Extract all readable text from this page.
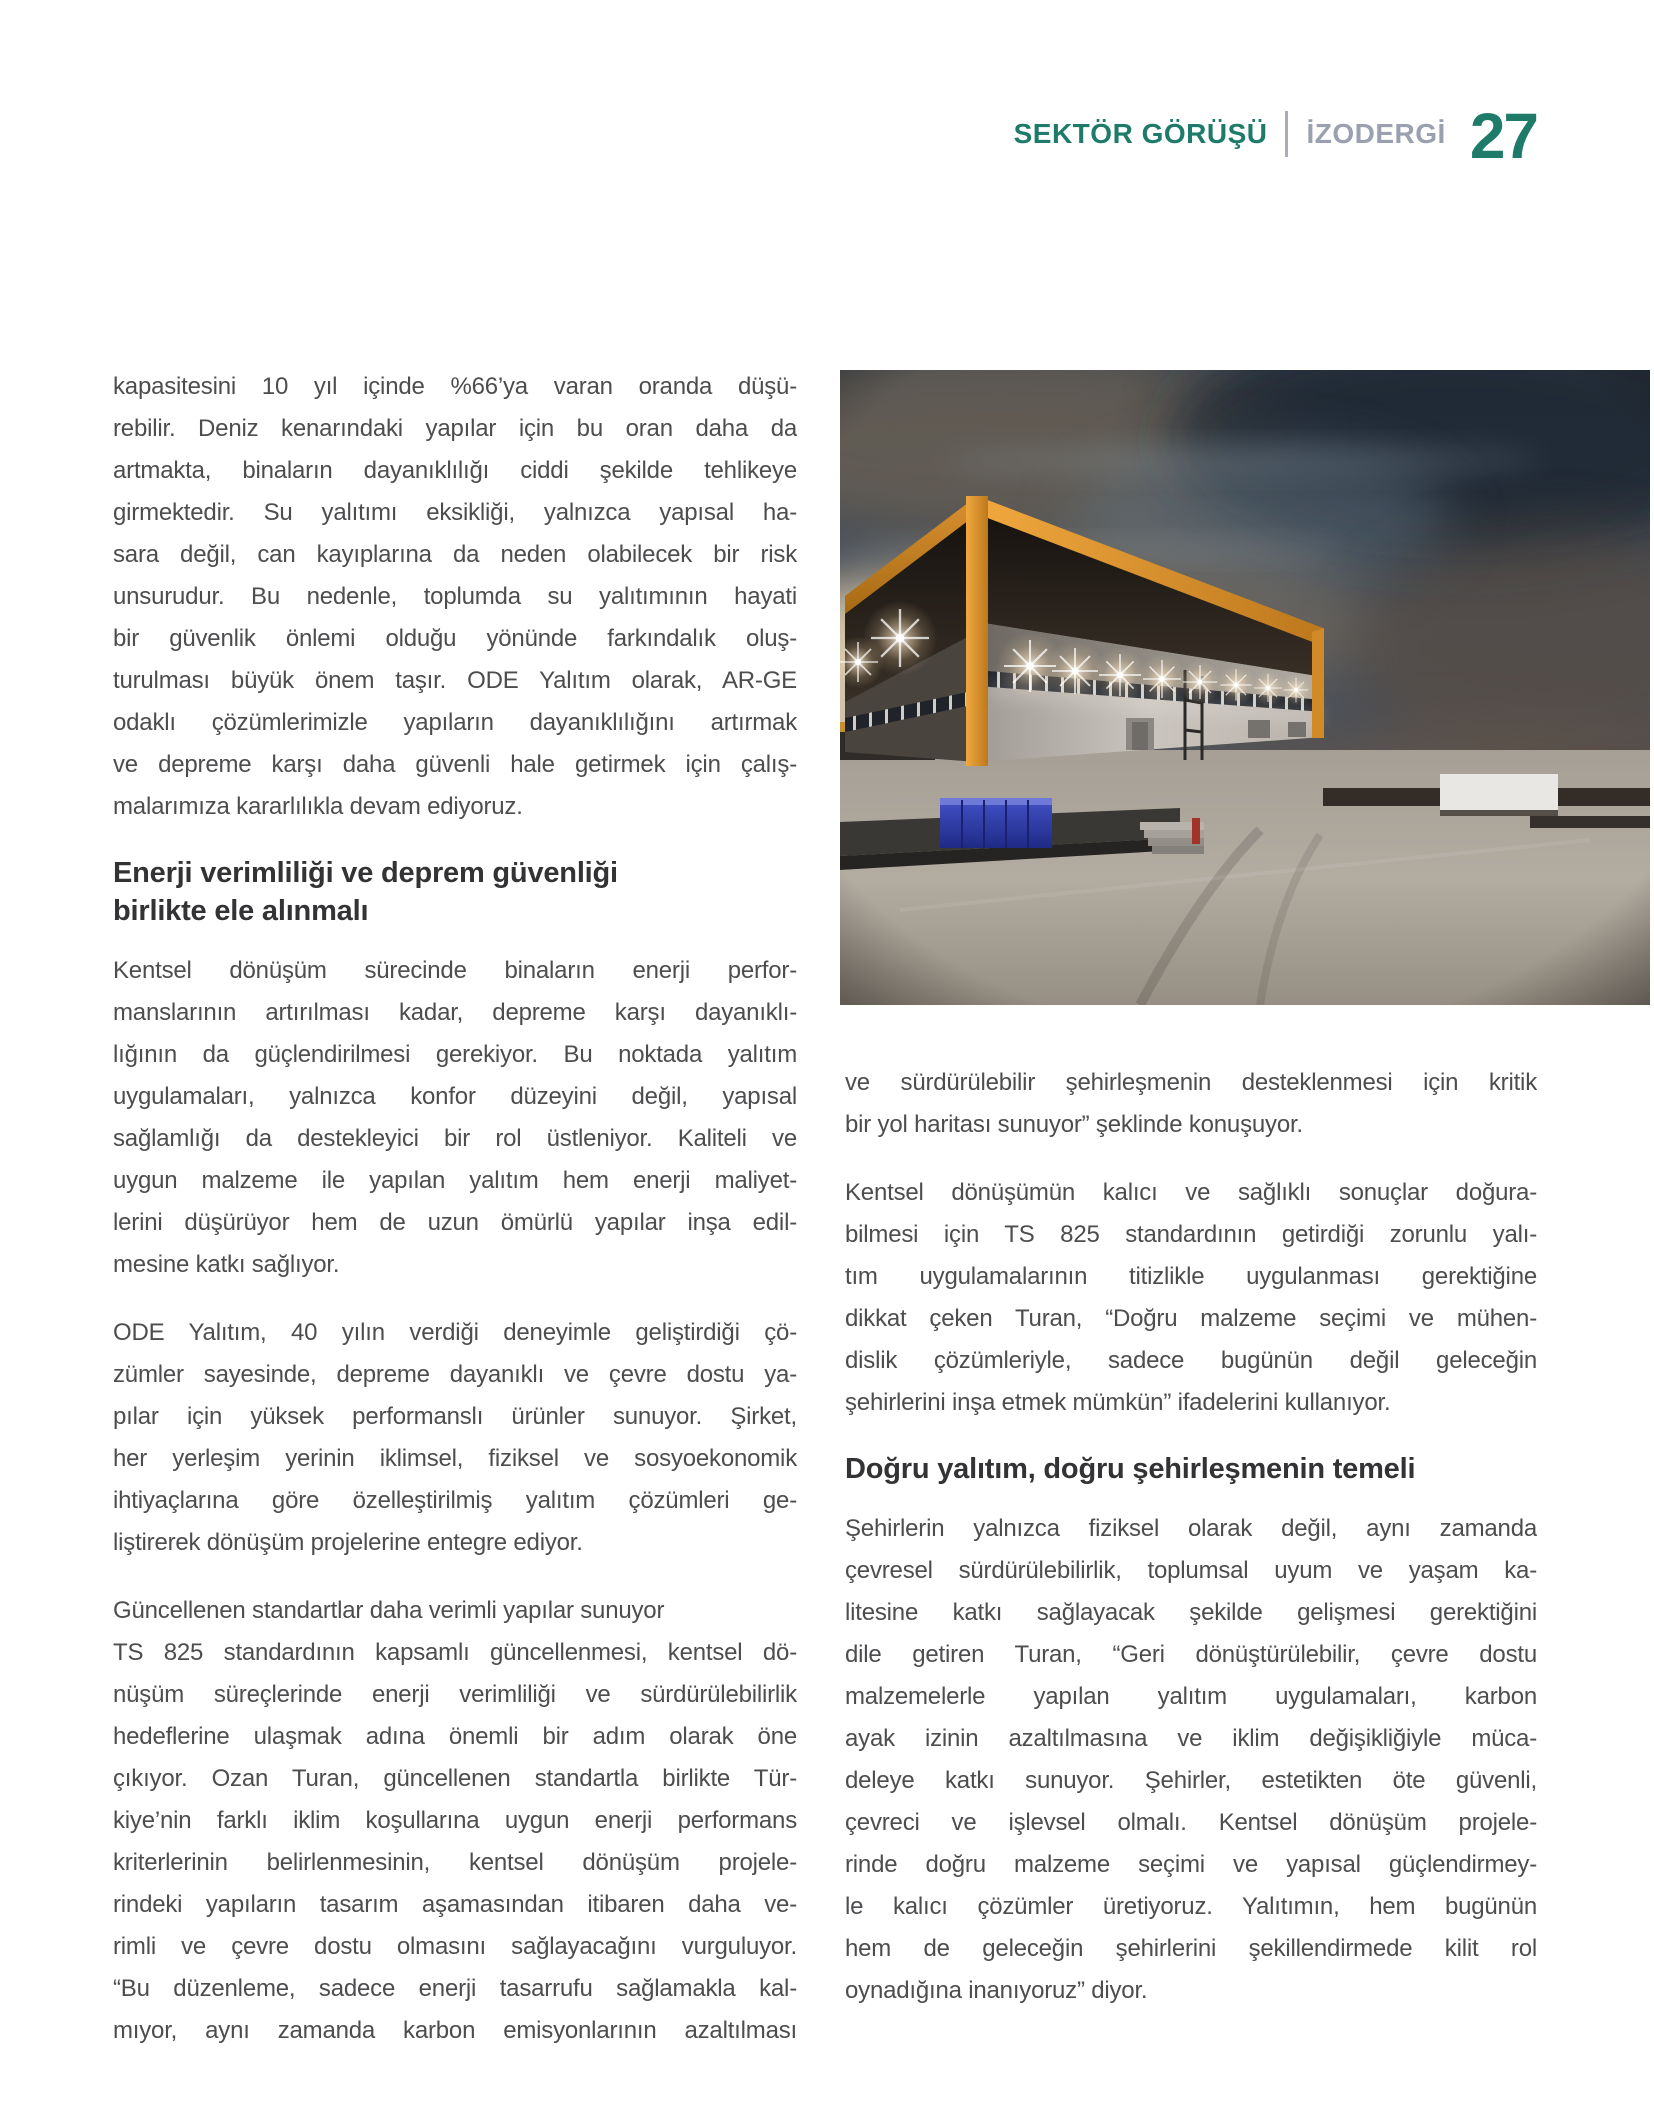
SEKTÖR GÖRÜŞÜ İZODERGİ 27
kapasitesini 10 yıl içinde %66’ya varan oranda düşü-
rebilir. Deniz kenarındaki yapılar için bu oran daha da
artmakta, binaların dayanıklılığı ciddi şekilde tehlikeye
girmektedir. Su yalıtımı eksikliği, yalnızca yapısal ha-
sara değil, can kayıplarına da neden olabilecek bir risk
unsurudur. Bu nedenle, toplumda su yalıtımının hayati
bir güvenlik önlemi olduğu yönünde farkındalık oluş-
turulması büyük önem taşır. ODE Yalıtım olarak, AR-GE
odaklı çözümlerimizle yapıların dayanıklılığını artırmak
ve depreme karşı daha güvenli hale getirmek için çalış-
malarımıza kararlılıkla devam ediyoruz.
Enerji verimliliği ve deprem güvenliği
birlikte ele alınmalı
Kentsel dönüşüm sürecinde binaların enerji perfor-
manslarının artırılması kadar, depreme karşı dayanıklı-
lığının da güçlendirilmesi gerekiyor. Bu noktada yalıtım
uygulamaları, yalnızca konfor düzeyini değil, yapısal
sağlamlığı da destekleyici bir rol üstleniyor. Kaliteli ve
uygun malzeme ile yapılan yalıtım hem enerji maliyet-
lerini düşürüyor hem de uzun ömürlü yapılar inşa edil-
mesine katkı sağlıyor.
ODE Yalıtım, 40 yılın verdiği deneyimle geliştirdiği çö-
zümler sayesinde, depreme dayanıklı ve çevre dostu ya-
pılar için yüksek performanslı ürünler sunuyor. Şirket,
her yerleşim yerinin iklimsel, fiziksel ve sosyoekonomik
ihtiyaçlarına göre özelleştirilmiş yalıtım çözümleri ge-
liştirerek dönüşüm projelerine entegre ediyor.
Güncellenen standartlar daha verimli yapılar sunuyor
TS 825 standardının kapsamlı güncellenmesi, kentsel dö-
nüşüm süreçlerinde enerji verimliliği ve sürdürülebilirlik
hedeflerine ulaşmak adına önemli bir adım olarak öne
çıkıyor. Ozan Turan, güncellenen standartla birlikte Tür-
kiye’nin farklı iklim koşullarına uygun enerji performans
kriterlerinin belirlenmesinin, kentsel dönüşüm projele-
rindeki yapıların tasarım aşamasından itibaren daha ve-
rimli ve çevre dostu olmasını sağlayacağını vurguluyor.
“Bu düzenleme, sadece enerji tasarrufu sağlamakla kal-
mıyor, aynı zamanda karbon emisyonlarının azaltılması
ve sürdürülebilir şehirleşmenin desteklenmesi için kritik
bir yol haritası sunuyor” şeklinde konuşuyor.
Kentsel dönüşümün kalıcı ve sağlıklı sonuçlar doğura-
bilmesi için TS 825 standardının getirdiği zorunlu yalı-
tım uygulamalarının titizlikle uygulanması gerektiğine
dikkat çeken Turan, “Doğru malzeme seçimi ve mühen-
dislik çözümleriyle, sadece bugünün değil geleceğin
şehirlerini inşa etmek mümkün” ifadelerini kullanıyor.
Doğru yalıtım, doğru şehirleşmenin temeli
Şehirlerin yalnızca fiziksel olarak değil, aynı zamanda
çevresel sürdürülebilirlik, toplumsal uyum ve yaşam ka-
litesine katkı sağlayacak şekilde gelişmesi gerektiğini
dile getiren Turan, “Geri dönüştürülebilir, çevre dostu
malzemelerle yapılan yalıtım uygulamaları, karbon
ayak izinin azaltılmasına ve iklim değişikliğiyle müca-
deleye katkı sunuyor. Şehirler, estetikten öte güvenli,
çevreci ve işlevsel olmalı. Kentsel dönüşüm projele-
rinde doğru malzeme seçimi ve yapısal güçlendirmey-
le kalıcı çözümler üretiyoruz. Yalıtımın, hem bugünün
hem de geleceğin şehirlerini şekillendirmede kilit rol
oynadığına inanıyoruz” diyor.
